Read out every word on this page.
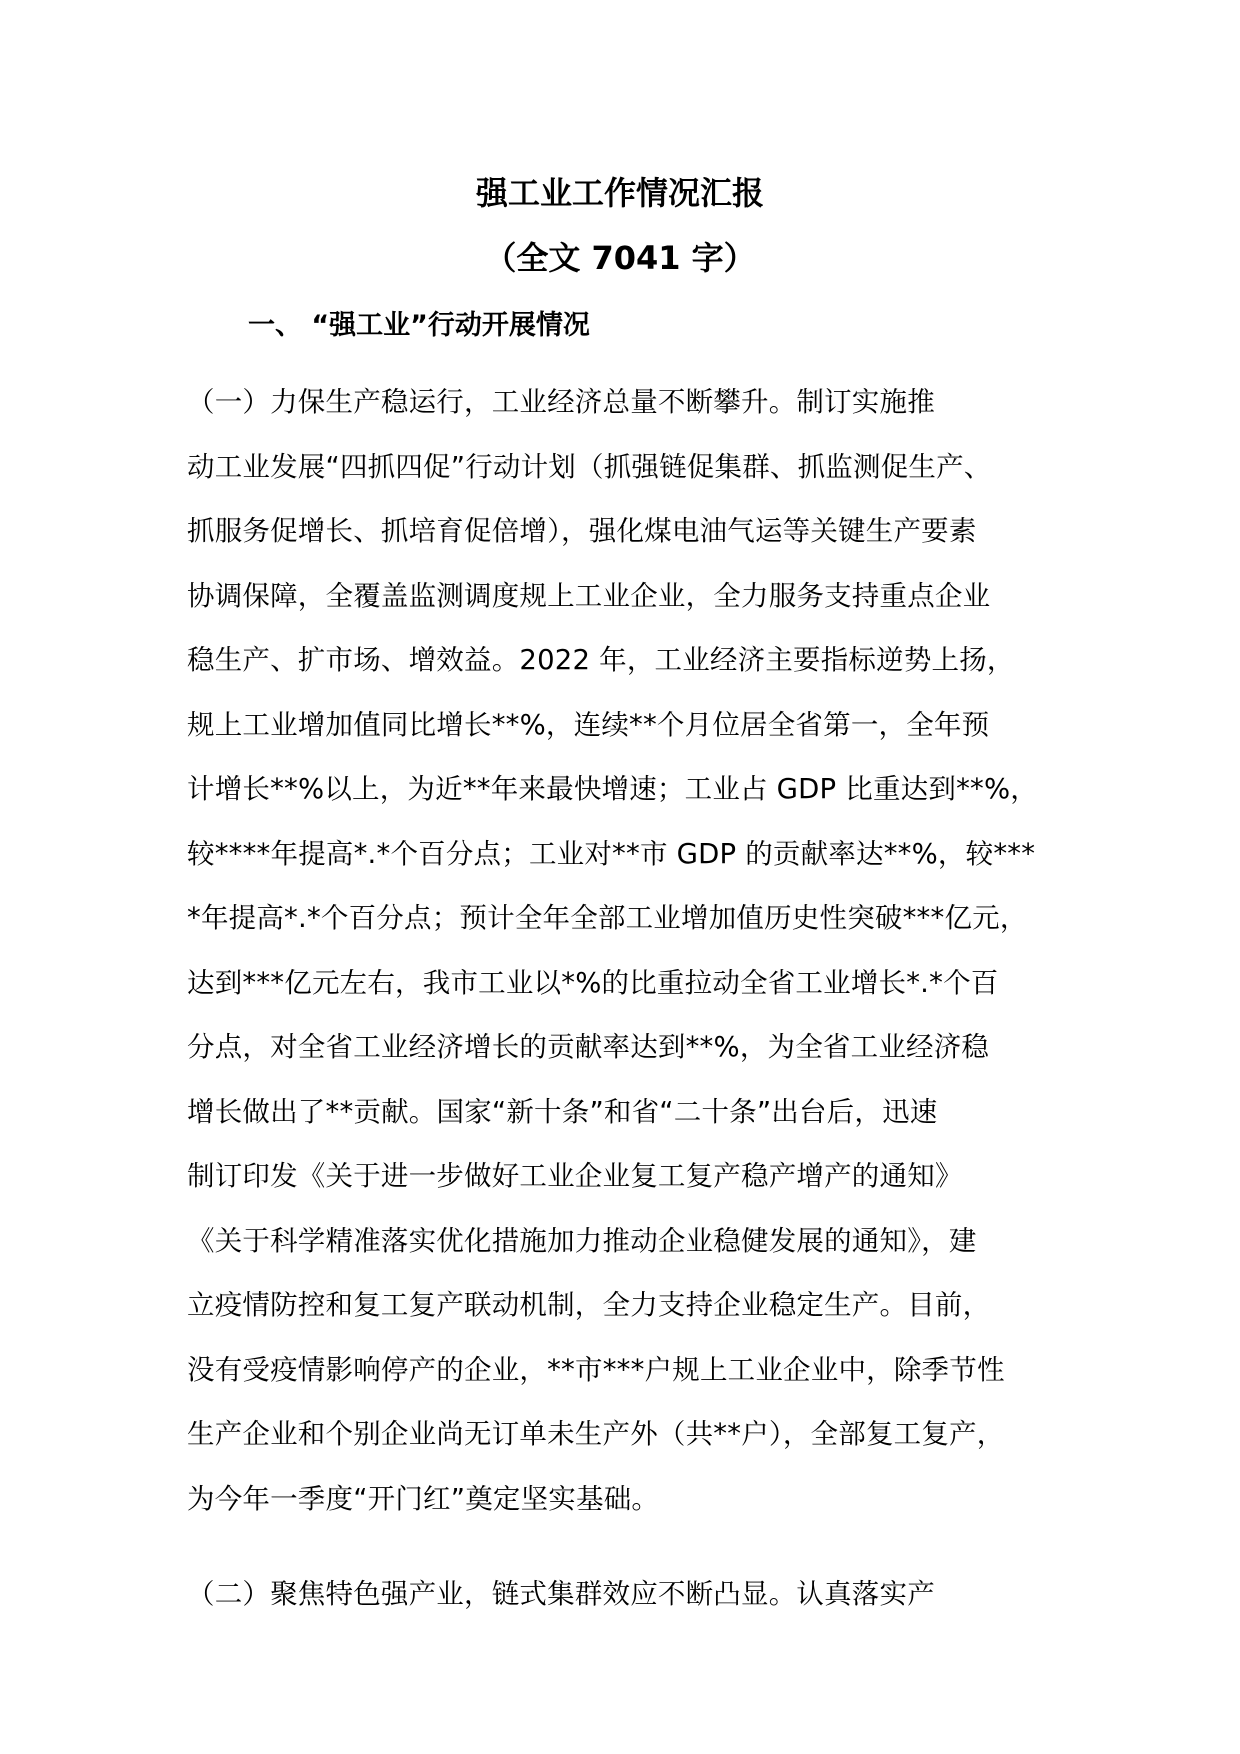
强工业工作情况汇报
（全文 7041 字）
一、 “强工业”行动开展情况
（一）力保生产稳运行，工业经济总量不断攀升。制订实施推
动工业发展“四抓四促”行动计划（抓强链促集群、抓监测促生产、
抓服务促增长、抓培育促倍增），强化煤电油气运等关键生产要素
协调保障，全覆盖监测调度规上工业企业，全力服务支持重点企业
稳生产、扩市场、增效益。2022 年，工业经济主要指标逆势上扬，
规上工业增加值同比增长**%，连续**个月位居全省第一，全年预
计增长**%以上，为近**年来最快增速；工业占 GDP 比重达到**%，
较****年提高*.*个百分点；工业对**市 GDP 的贡献率达**%，较***
*年提高*.*个百分点；预计全年全部工业增加值历史性突破***亿元，
达到***亿元左右，我市工业以*%的比重拉动全省工业增长*.*个百
分点，对全省工业经济增长的贡献率达到**%，为全省工业经济稳
增长做出了**贡献。国家“新十条”和省“二十条”出台后，迅速
制订印发《关于进一步做好工业企业复工复产稳产增产的通知》
《关于科学精准落实优化措施加力推动企业稳健发展的通知》，建
立疫情防控和复工复产联动机制，全力支持企业稳定生产。目前，
没有受疫情影响停产的企业，**市***户规上工业企业中，除季节性
生产企业和个别企业尚无订单未生产外（共**户），全部复工复产，
为今年一季度“开门红”奠定坚实基础。
（二）聚焦特色强产业，链式集群效应不断凸显。认真落实产
